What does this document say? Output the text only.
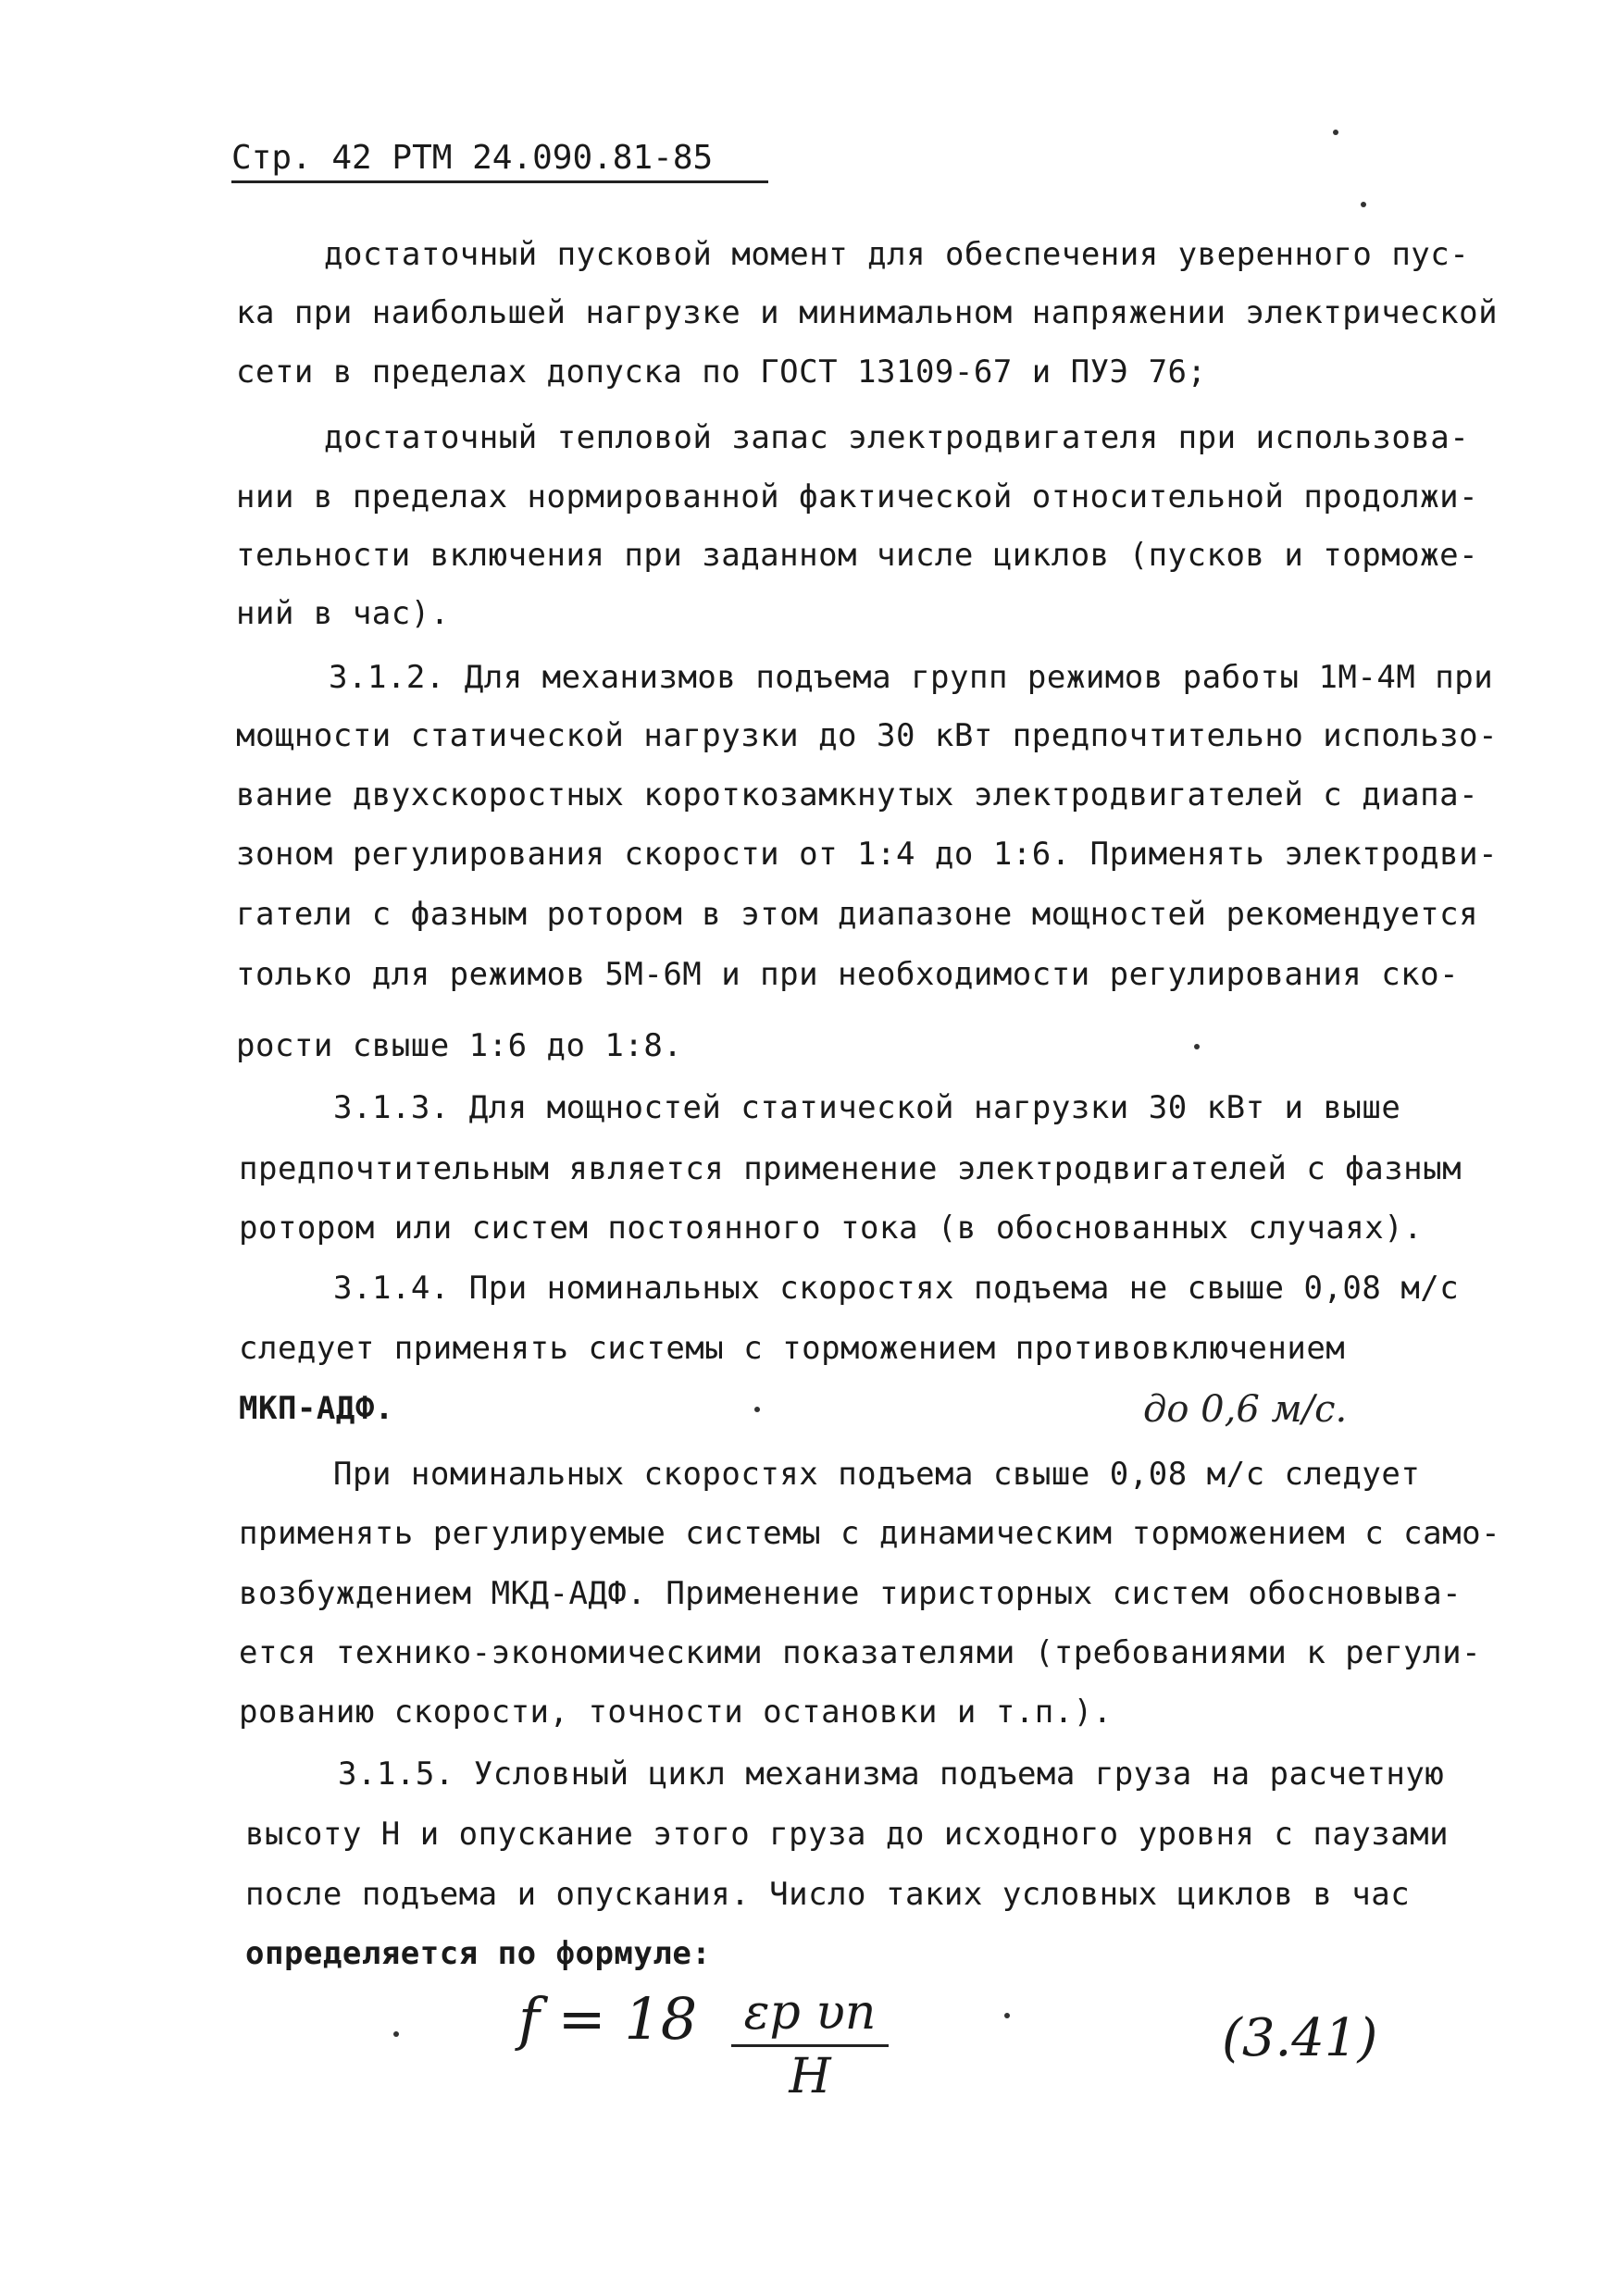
Стр. 42 РТМ 24.090.81-85
достаточный пусковой момент для обеспечения уверенного пус-
ка при наибольшей нагрузке и минимальном напряжении электрической
сети в пределах допуска по ГОСТ 13109-67 и ПУЭ 76;
достаточный тепловой запас электродвигателя при использова-
нии в пределах нормированной фактической относительной продолжи-
тельности включения при заданном числе циклов (пусков и торможе-
ний в час).
3.1.2. Для механизмов подъема групп режимов работы 1М-4М при
мощности статической нагрузки до 30 кВт предпочтительно использо-
вание двухскоростных короткозамкнутых электродвигателей с диапа-
зоном регулирования скорости от 1:4 до 1:6. Применять электродви-
гатели с фазным ротором в этом диапазоне мощностей рекомендуется
только для режимов 5М-6М и при необходимости регулирования ско-
рости свыше 1:6 до 1:8.
3.1.3. Для мощностей статической нагрузки 30 кВт и выше
предпочтительным является применение электродвигателей с фазным
ротором или систем постоянного тока (в обоснованных случаях).
3.1.4. При номинальных скоростях подъема не свыше 0,08 м/с
следует применять системы с торможением противовключением
МКП-АДФ.	до 0,6 м/с.
При номинальных скоростях подъема свыше 0,08 м/с следует
применять регулируемые системы с динамическим торможением с само-
возбуждением МКД-АДФ. Применение тиристорных систем обосновыва-
ется технико-экономическими показателями (требованиями к регули-
рованию скорости, точности остановки и т.п.).
3.1.5. Условный цикл механизма подъема груза на расчетную
высоту Н и опускание этого груза до исходного уровня с паузами
после подъема и опускания. Число таких условных циклов в час
определяется по формуле:
f = 18 εр υп
H
(3.41)
